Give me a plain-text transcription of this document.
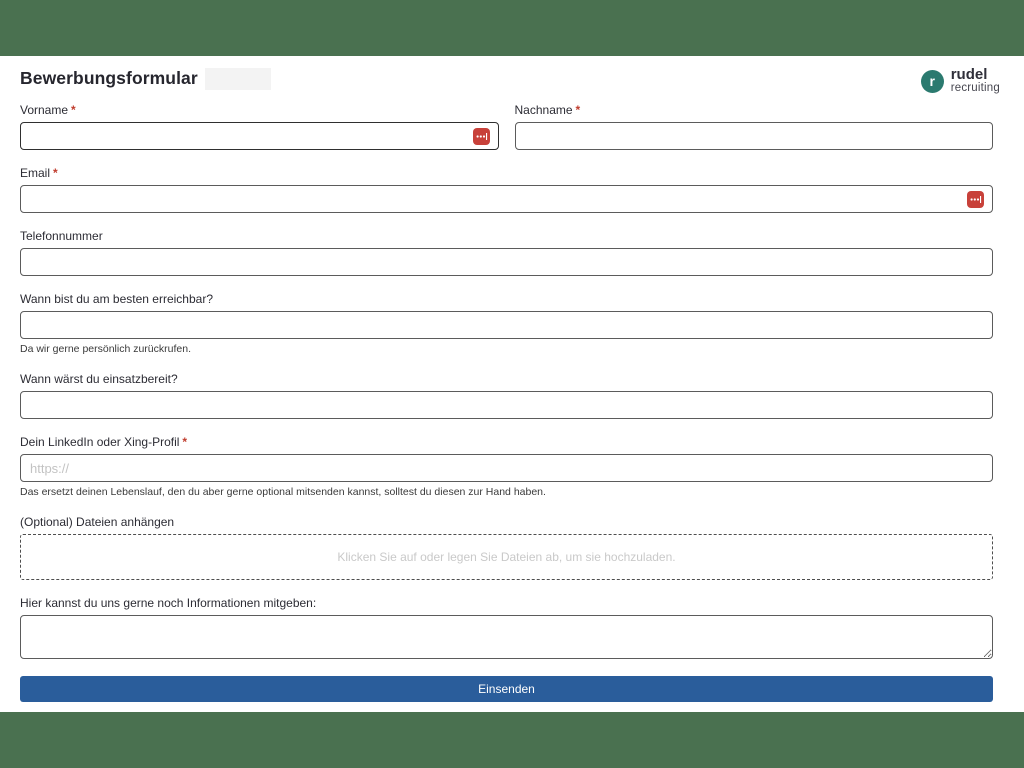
r	rudel
recruiting
Bewerbungsformular
Vorname *	Nachname *
Email *
Telefonnummer
Wann bist du am besten erreichbar?
Da wir gerne persönlich zurückrufen.
Wann wärst du einsatzbereit?
Dein LinkedIn oder Xing-Profil *
https://
Das ersetzt deinen Lebenslauf, den du aber gerne optional mitsenden kannst, solltest du diesen zur Hand haben.
(Optional) Dateien anhängen
Klicken Sie auf oder legen Sie Dateien ab, um sie hochzuladen.
Hier kannst du uns gerne noch Informationen mitgeben:
Einsenden
